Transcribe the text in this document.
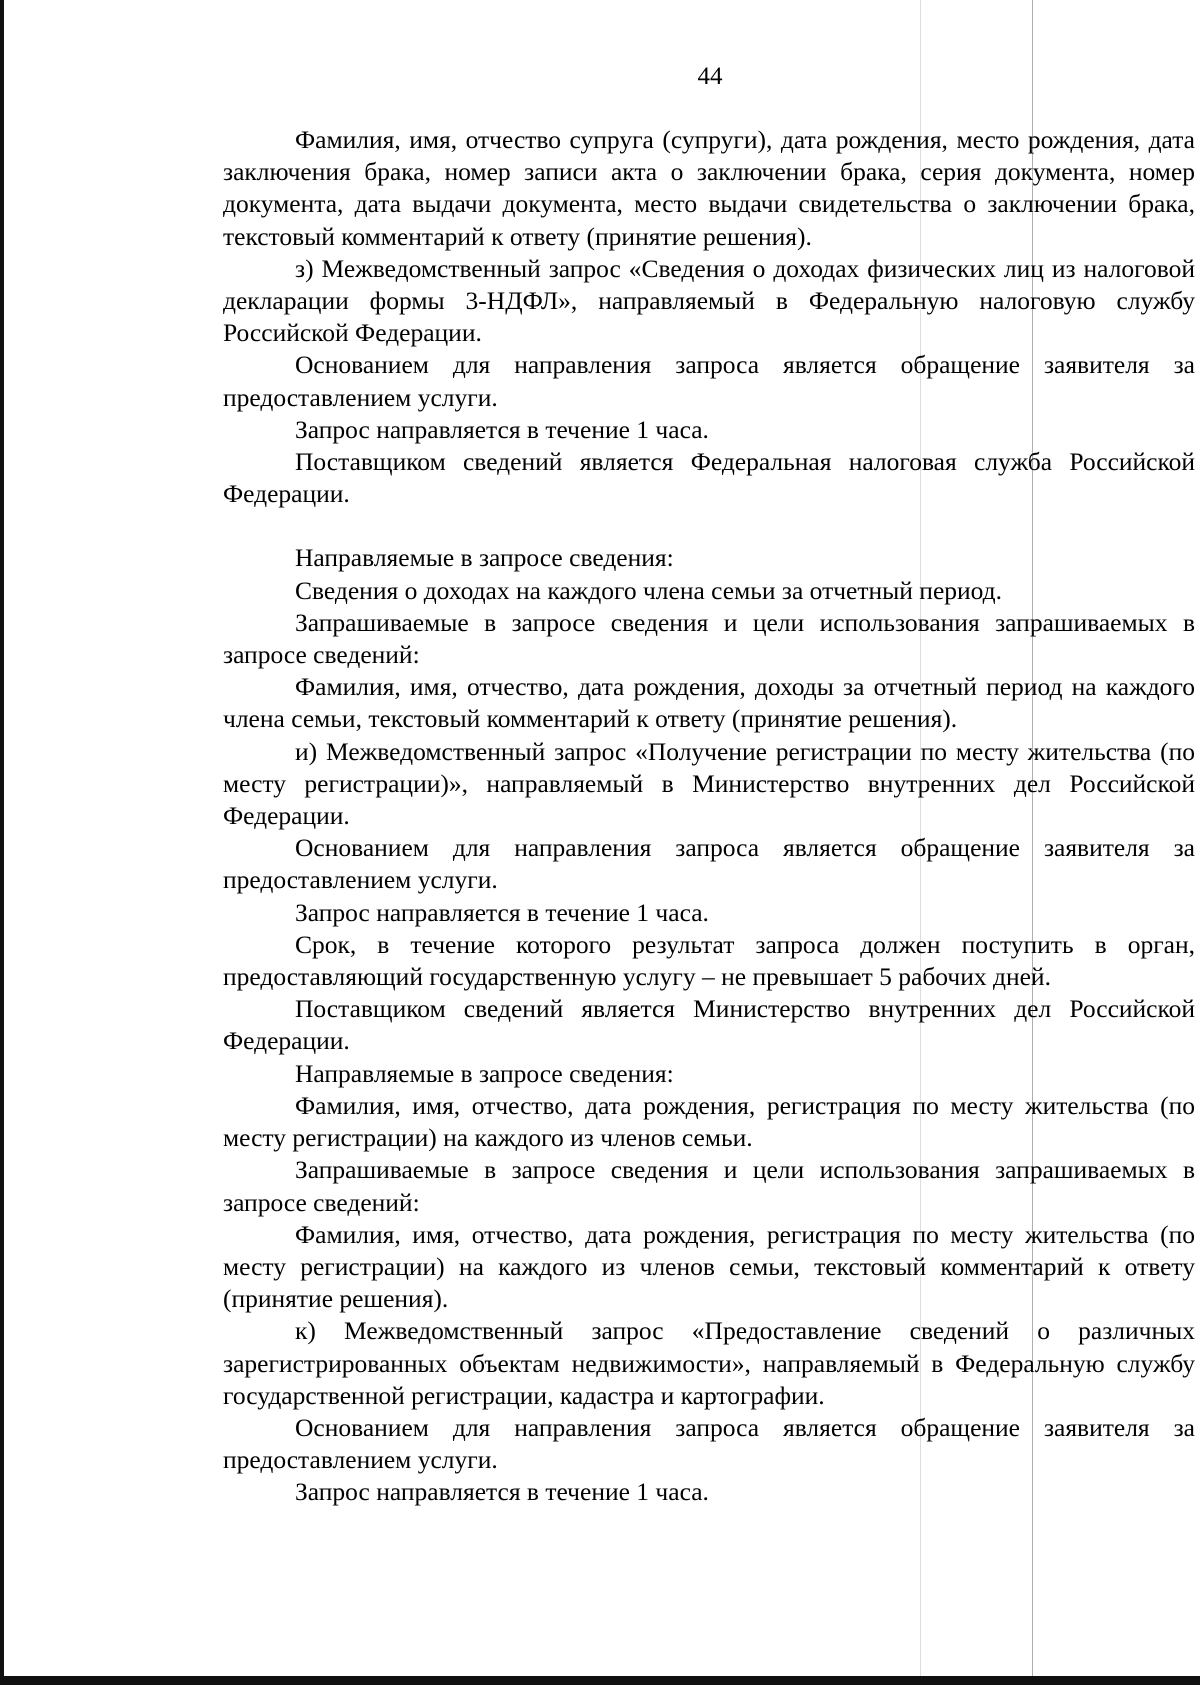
44

Фамилия, имя, отчество супруга (супруги), дата рождения, место рождения, дата заключения брака, номер записи акта о заключении брака, серия документа, номер документа, дата выдачи документа, место выдачи свидетельства о заключении брака, текстовый комментарий к ответу (принятие решения).

з) Межведомственный запрос «Сведения о доходах физических лиц из налоговой декларации формы 3-НДФЛ», направляемый в Федеральную налоговую службу Российской Федерации.

Основанием для направления запроса является обращение заявителя за предоставлением услуги.

Запрос направляется в течение 1 часа.

Поставщиком сведений является Федеральная налоговая служба Российской Федерации.

Направляемые в запросе сведения:

Сведения о доходах на каждого члена семьи за отчетный период.

Запрашиваемые в запросе сведения и цели использования запрашиваемых в запросе сведений:

Фамилия, имя, отчество, дата рождения, доходы за отчетный период на каждого члена семьи, текстовый комментарий к ответу (принятие решения).

и) Межведомственный запрос «Получение регистрации по месту жительства (по месту регистрации)», направляемый в Министерство внутренних дел Российской Федерации.

Основанием для направления запроса является обращение заявителя за предоставлением услуги.

Запрос направляется в течение 1 часа.

Срок, в течение которого результат запроса должен поступить в орган, предоставляющий государственную услугу – не превышает 5 рабочих дней.

Поставщиком сведений является Министерство внутренних дел Российской Федерации.

Направляемые в запросе сведения:

Фамилия, имя, отчество, дата рождения, регистрация по месту жительства (по месту регистрации) на каждого из членов семьи.

Запрашиваемые в запросе сведения и цели использования запрашиваемых в запросе сведений:

Фамилия, имя, отчество, дата рождения, регистрация по месту жительства (по месту регистрации) на каждого из членов семьи, текстовый комментарий к ответу (принятие решения).

к) Межведомственный запрос «Предоставление сведений о различных зарегистрированных объектам недвижимости», направляемый в Федеральную службу государственной регистрации, кадастра и картографии.

Основанием для направления запроса является обращение заявителя за предоставлением услуги.

Запрос направляется в течение 1 часа.
